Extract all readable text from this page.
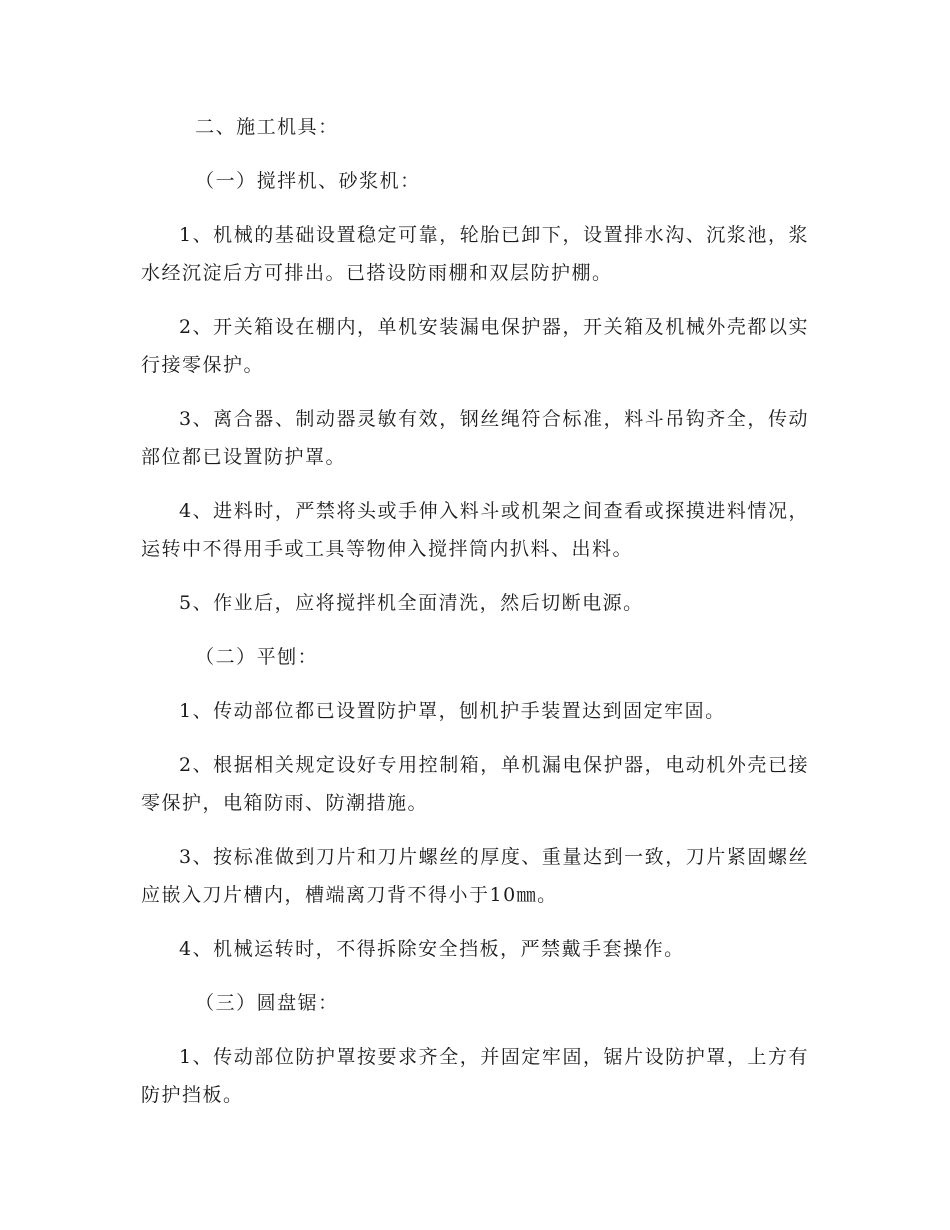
二、施工机具：

（一）搅拌机、砂浆机：

1、机械的基础设置稳定可靠，轮胎已卸下，设置排水沟、沉浆池，浆水经沉淀后方可排出。已搭设防雨棚和双层防护棚。

2、开关箱设在棚内，单机安装漏电保护器，开关箱及机械外壳都以实行接零保护。

3、离合器、制动器灵敏有效，钢丝绳符合标准，料斗吊钩齐全，传动部位都已设置防护罩。

4、进料时，严禁将头或手伸入料斗或机架之间查看或探摸进料情况，运转中不得用手或工具等物伸入搅拌筒内扒料、出料。

5、作业后，应将搅拌机全面清洗，然后切断电源。

（二）平刨：

1、传动部位都已设置防护罩，刨机护手装置达到固定牢固。

2、根据相关规定设好专用控制箱，单机漏电保护器，电动机外壳已接零保护，电箱防雨、防潮措施。

3、按标准做到刀片和刀片螺丝的厚度、重量达到一致，刀片紧固螺丝应嵌入刀片槽内，槽端离刀背不得小于10㎜。

4、机械运转时，不得拆除安全挡板，严禁戴手套操作。

（三）圆盘锯：

1、传动部位防护罩按要求齐全，并固定牢固，锯片设防护罩，上方有防护挡板。
